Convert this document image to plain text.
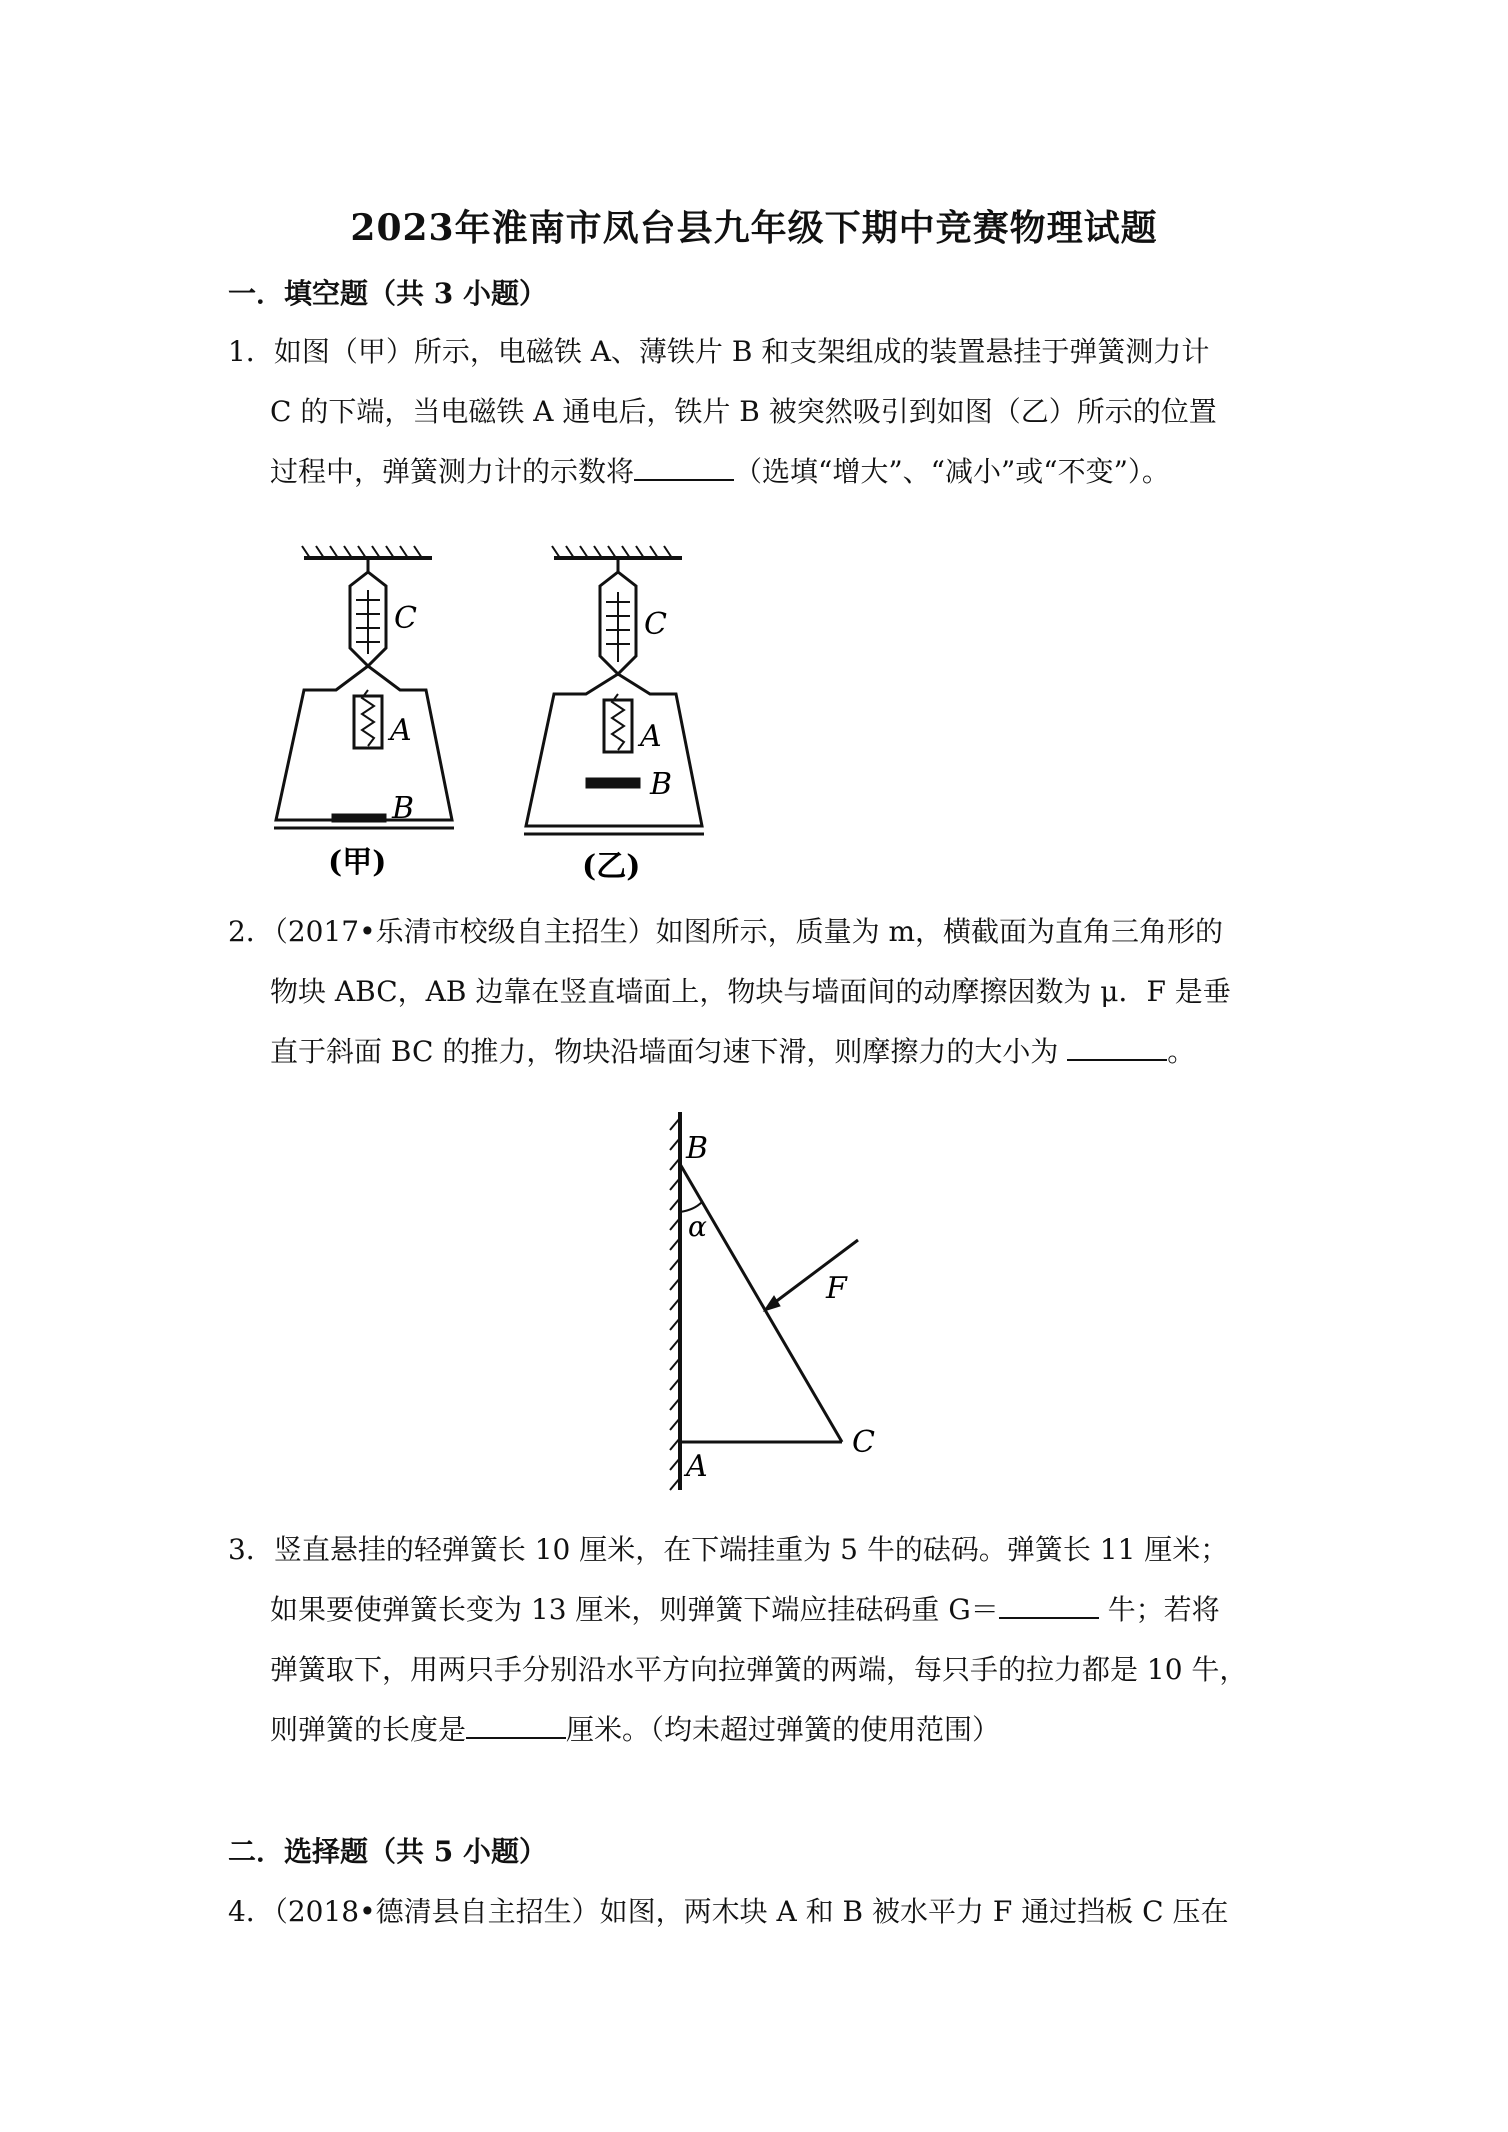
2023年淮南市凤台县九年级下期中竞赛物理试题
一．填空题（共 3 小题）
1．如图（甲）所示，电磁铁 A、薄铁片 B 和支架组成的装置悬挂于弹簧测力计
C 的下端，当电磁铁 A 通电后，铁片 B 被突然吸引到如图（乙）所示的位置
过程中，弹簧测力计的示数将	（选填“增大”、“减小”或“不变”）。
C
A
B
C
A
B
(甲)	(乙)
2．（2017•乐清市校级自主招生）如图所示，质量为 m，横截面为直角三角形的
物块 ABC，AB 边靠在竖直墙面上，物块与墙面间的动摩擦因数为 μ．F 是垂
直于斜面 BC 的推力，物块沿墙面匀速下滑，则摩擦力的大小为	。
B
α
F
C
A
3．竖直悬挂的轻弹簧长 10 厘米，在下端挂重为 5 牛的砝码。弹簧长 11 厘米；
如果要使弹簧长变为 13 厘米，则弹簧下端应挂砝码重 G＝	牛；若将
弹簧取下，用两只手分别沿水平方向拉弹簧的两端，每只手的拉力都是 10 牛，
则弹簧的长度是	厘米。（均未超过弹簧的使用范围）
二．选择题（共 5 小题）
4．（2018•德清县自主招生）如图，两木块 A 和 B 被水平力 F 通过挡板 C 压在
